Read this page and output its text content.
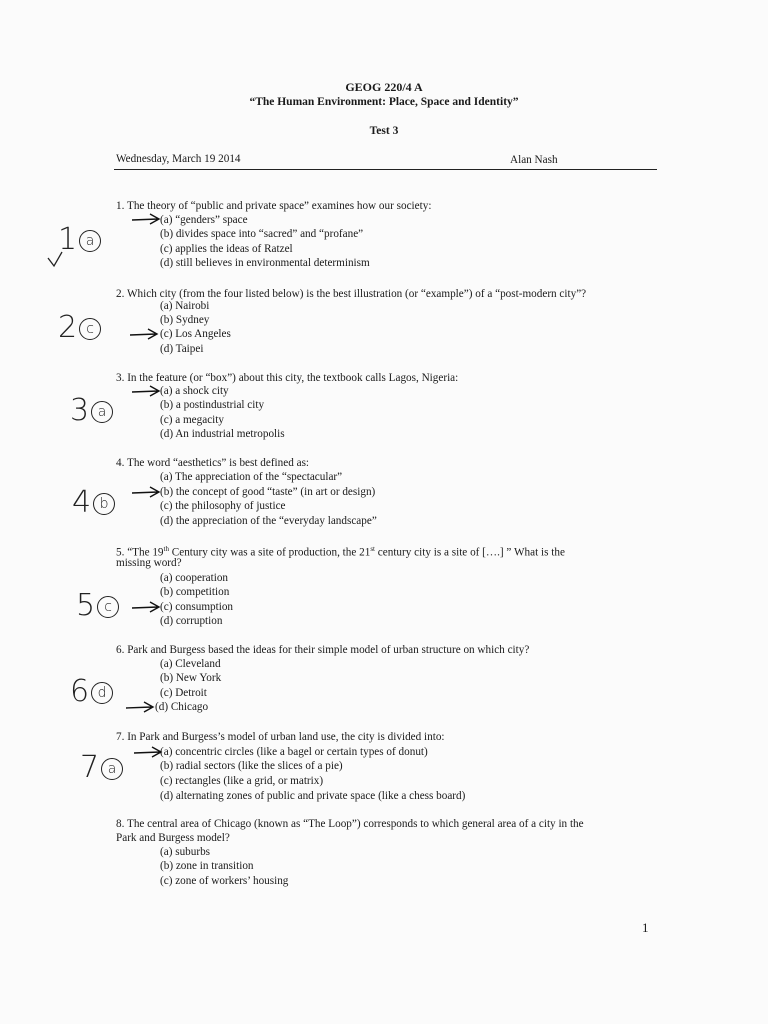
GEOG 220/4 A
“The Human Environment: Place, Space and Identity”
Test 3
Wednesday, March 19 2014	Alan Nash
1. The theory of “public and private space” examines how our society:
(a) “genders” space
(b) divides space into “sacred” and “profane”
(c) applies the ideas of Ratzel
(d) still believes in environmental determinism
2. Which city (from the four listed below) is the best illustration (or “example”) of a “post-modern city”?
(a) Nairobi
(b) Sydney
(c) Los Angeles
(d) Taipei
3. In the feature (or “box”) about this city, the textbook calls Lagos, Nigeria:
(a) a shock city
(b) a postindustrial city
(c) a megacity
(d) An industrial metropolis
4. The word “aesthetics” is best defined as:
(a) The appreciation of the “spectacular”
(b) the concept of good “taste” (in art or design)
(c) the philosophy of justice
(d) the appreciation of the “everyday landscape”
5. “The 19th Century city was a site of production, the 21st century city is a site of [….] ” What is the
missing word?
(a) cooperation
(b) competition
(c) consumption
(d) corruption
6. Park and Burgess based the ideas for their simple model of urban structure on which city?
(a) Cleveland
(b) New York
(c) Detroit
(d) Chicago
7. In Park and Burgess’s model of urban land use, the city is divided into:
(a) concentric circles (like a bagel or certain types of donut)
(b) radial sectors (like the slices of a pie)
(c) rectangles (like a grid, or matrix)
(d) alternating zones of public and private space (like a chess board)
8. The central area of Chicago (known as “The Loop”) corresponds to which general area of a city in the
Park and Burgess model?
(a) suburbs
(b) zone in transition
(c) zone of workers’ housing
1
1 a
2 c
3 a
4 b
5 c
6 d
7 a
